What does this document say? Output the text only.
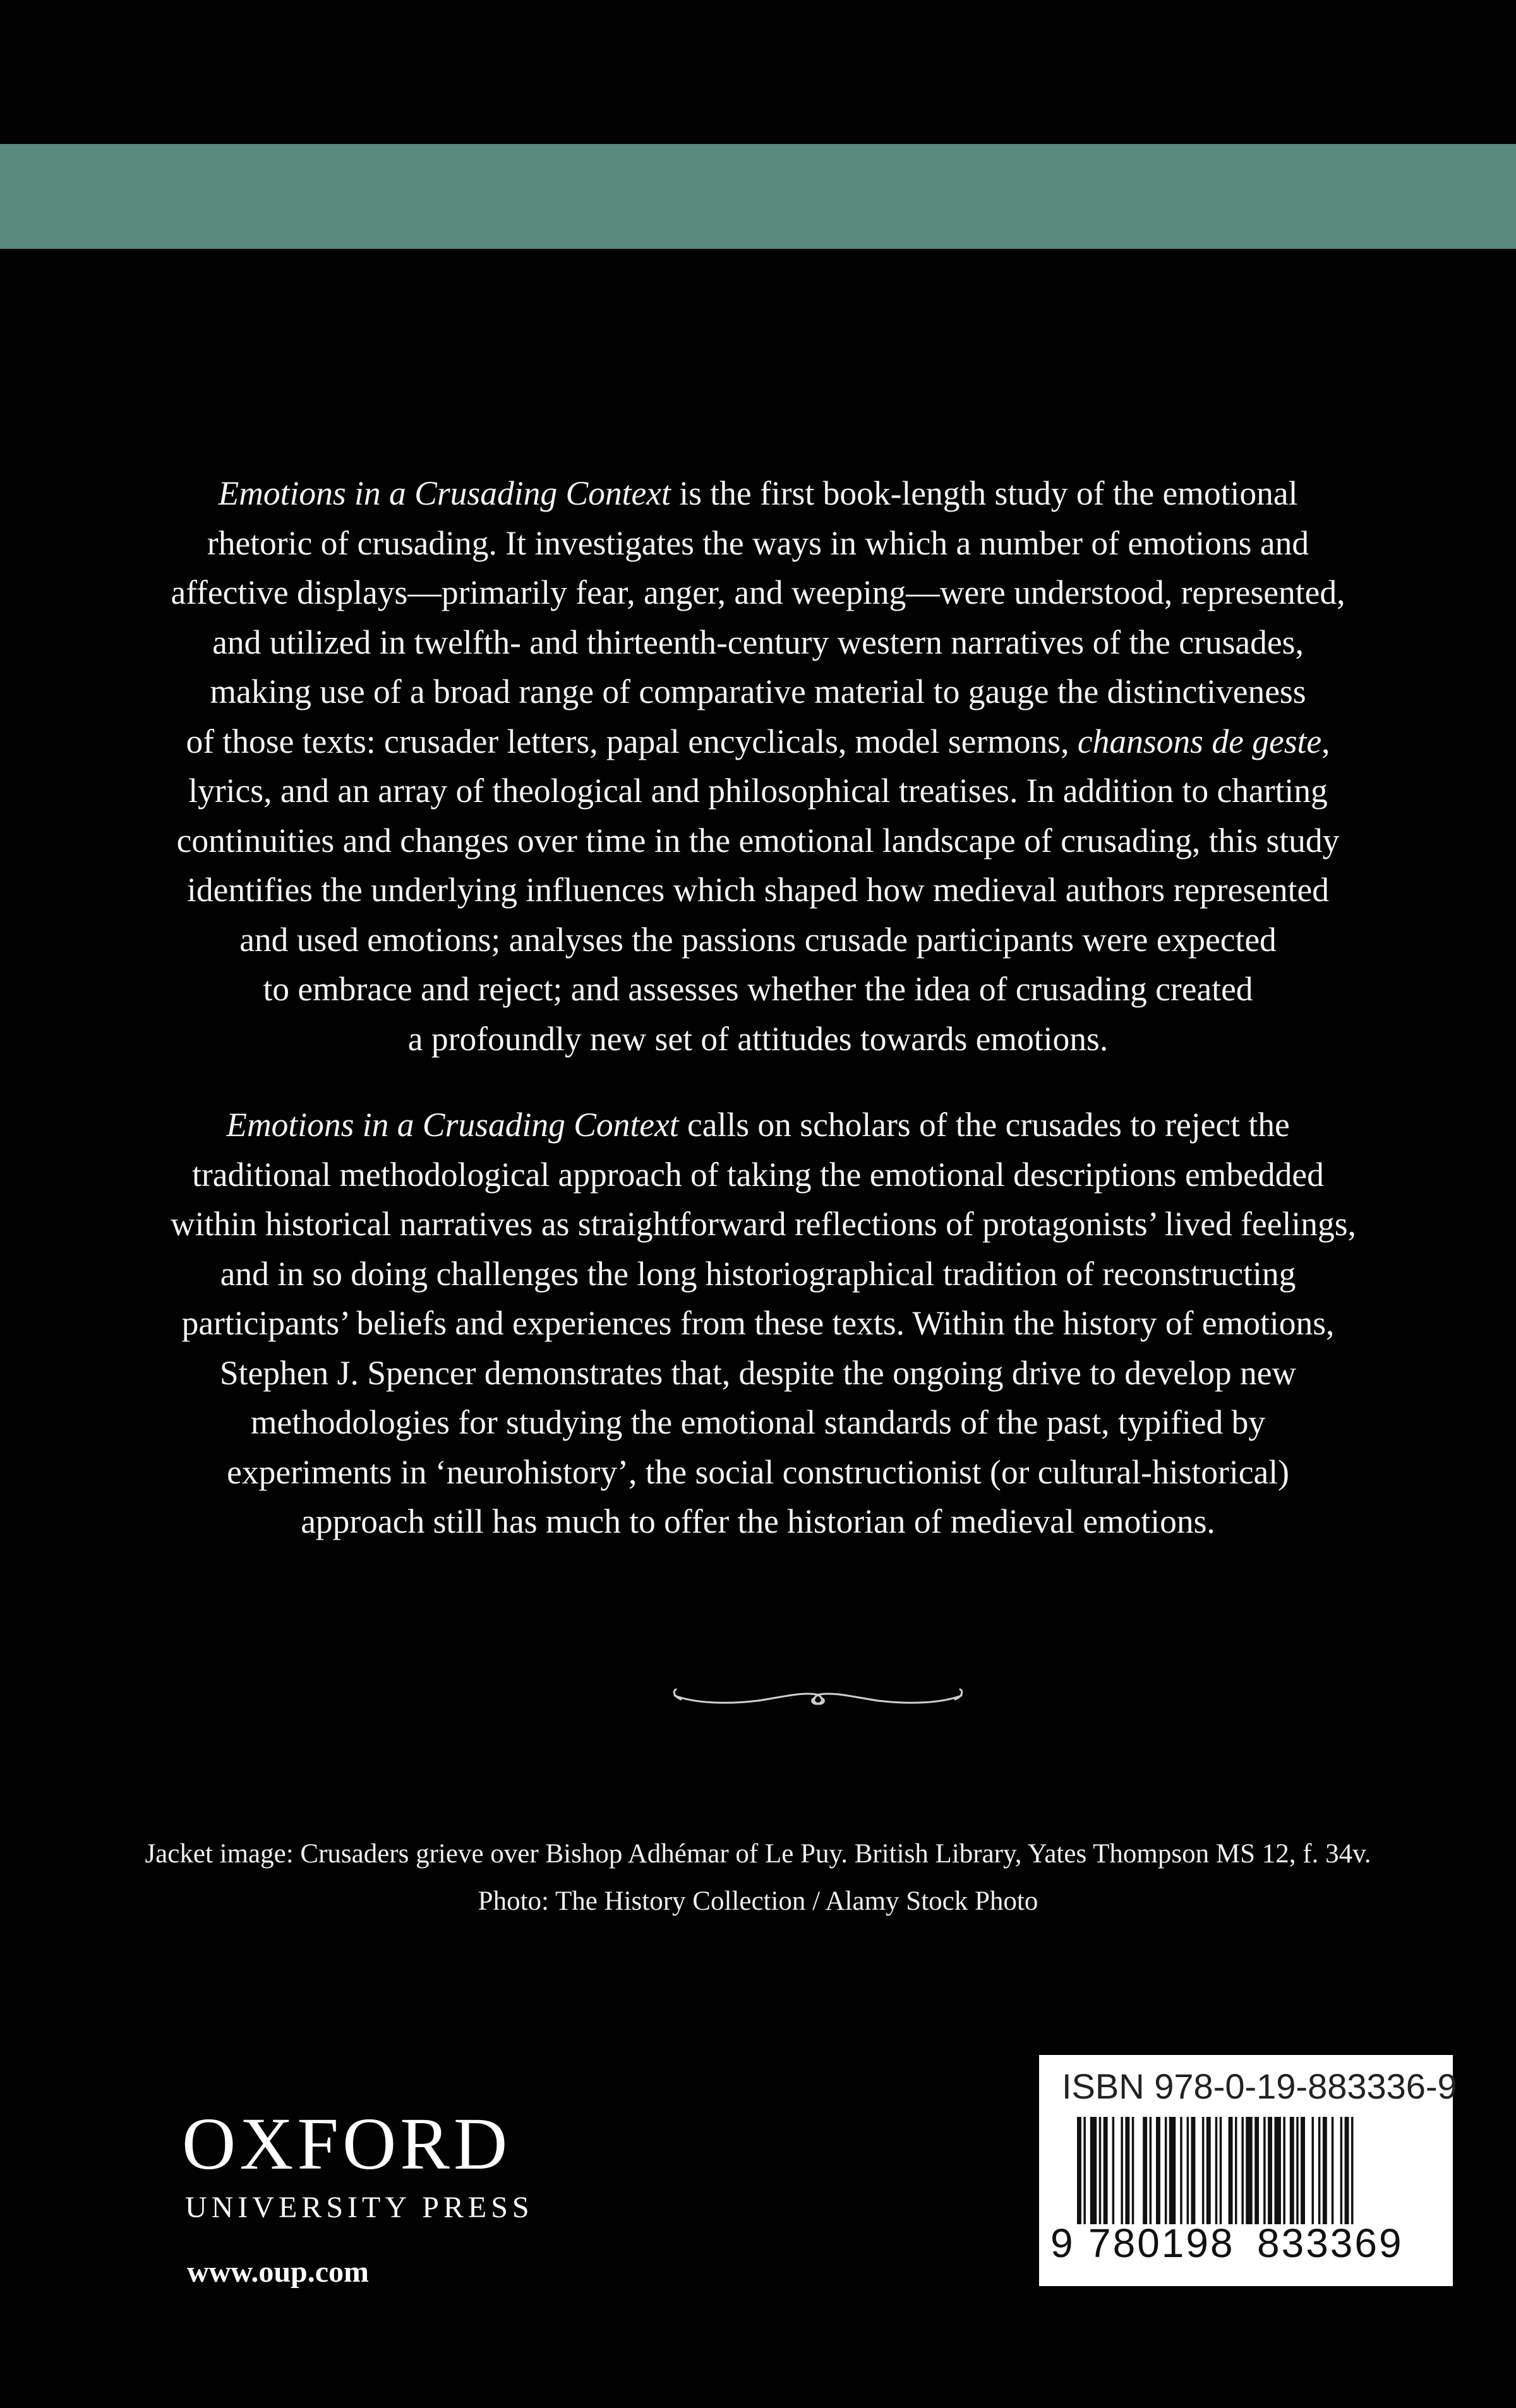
Emotions in a Crusading Context is the first book-length study of the emotional
rhetoric of crusading. It investigates the ways in which a number of emotions and
affective displays—primarily fear, anger, and weeping—were understood, represented,
and utilized in twelfth- and thirteenth-century western narratives of the crusades,
making use of a broad range of comparative material to gauge the distinctiveness
of those texts: crusader letters, papal encyclicals, model sermons, chansons de geste,
lyrics, and an array of theological and philosophical treatises. In addition to charting
continuities and changes over time in the emotional landscape of crusading, this study
identifies the underlying influences which shaped how medieval authors represented
and used emotions; analyses the passions crusade participants were expected
to embrace and reject; and assesses whether the idea of crusading created
a profoundly new set of attitudes towards emotions.

Emotions in a Crusading Context calls on scholars of the crusades to reject the
traditional methodological approach of taking the emotional descriptions embedded
within historical narratives as straightforward reflections of protagonists’ lived feelings,
and in so doing challenges the long historiographical tradition of reconstructing
participants’ beliefs and experiences from these texts. Within the history of emotions,
Stephen J. Spencer demonstrates that, despite the ongoing drive to develop new
methodologies for studying the emotional standards of the past, typified by
experiments in ‘neurohistory’, the social constructionist (or cultural-historical)
approach still has much to offer the historian of medieval emotions.

Jacket image: Crusaders grieve over Bishop Adhémar of Le Puy. British Library, Yates Thompson MS 12, f. 34v.
Photo: The History Collection / Alamy Stock Photo
OXFORD
UNIVERSITY PRESS
www.oup.com
ISBN 978-0-19-883336-9
9 780198 833369
